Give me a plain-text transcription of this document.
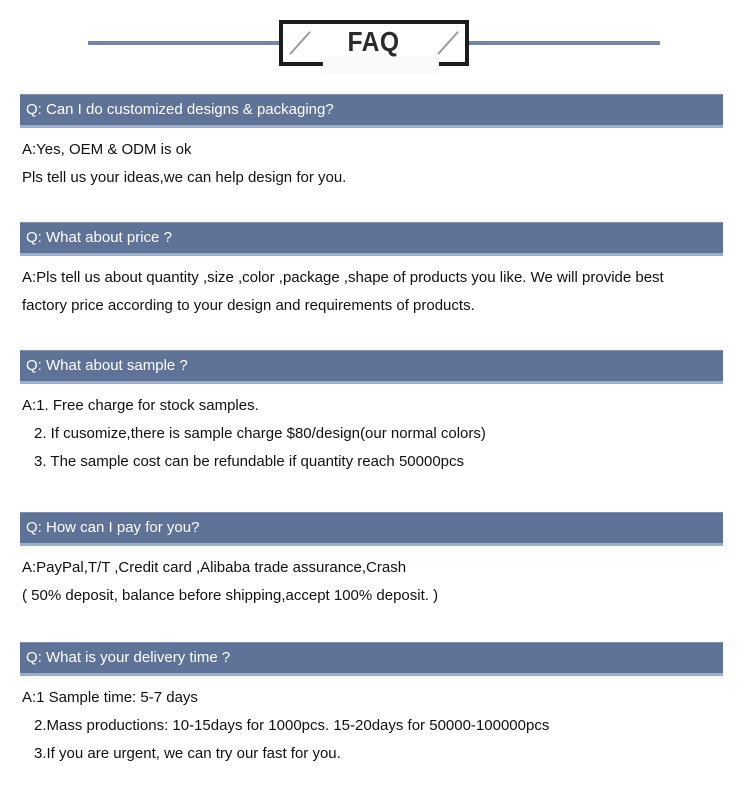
FAQ
Q: Can I do customized designs & packaging?

A:Yes, OEM & ODM is ok

Pls tell us your ideas,we can help design for you.

Q: What about price ?

A:Pls tell us about quantity ,size ,color ,package ,shape of products you like. We will provide best

factory price according to your design and requirements of products.

Q: What about sample ?

A:1. Free charge for stock samples.

2. If cusomize,there is sample charge $80/design(our normal colors)

3. The sample cost can be refundable if quantity reach 50000pcs

Q: How can I pay for you?

A:PayPal,T/T ,Credit card ,Alibaba trade assurance,Crash

( 50% deposit, balance before shipping,accept 100% deposit. )

Q: What is your delivery time ?

A:1 Sample time: 5-7 days

2.Mass productions: 10-15days for 1000pcs. 15-20days for 50000-100000pcs

3.If you are urgent, we can try our fast for you.
